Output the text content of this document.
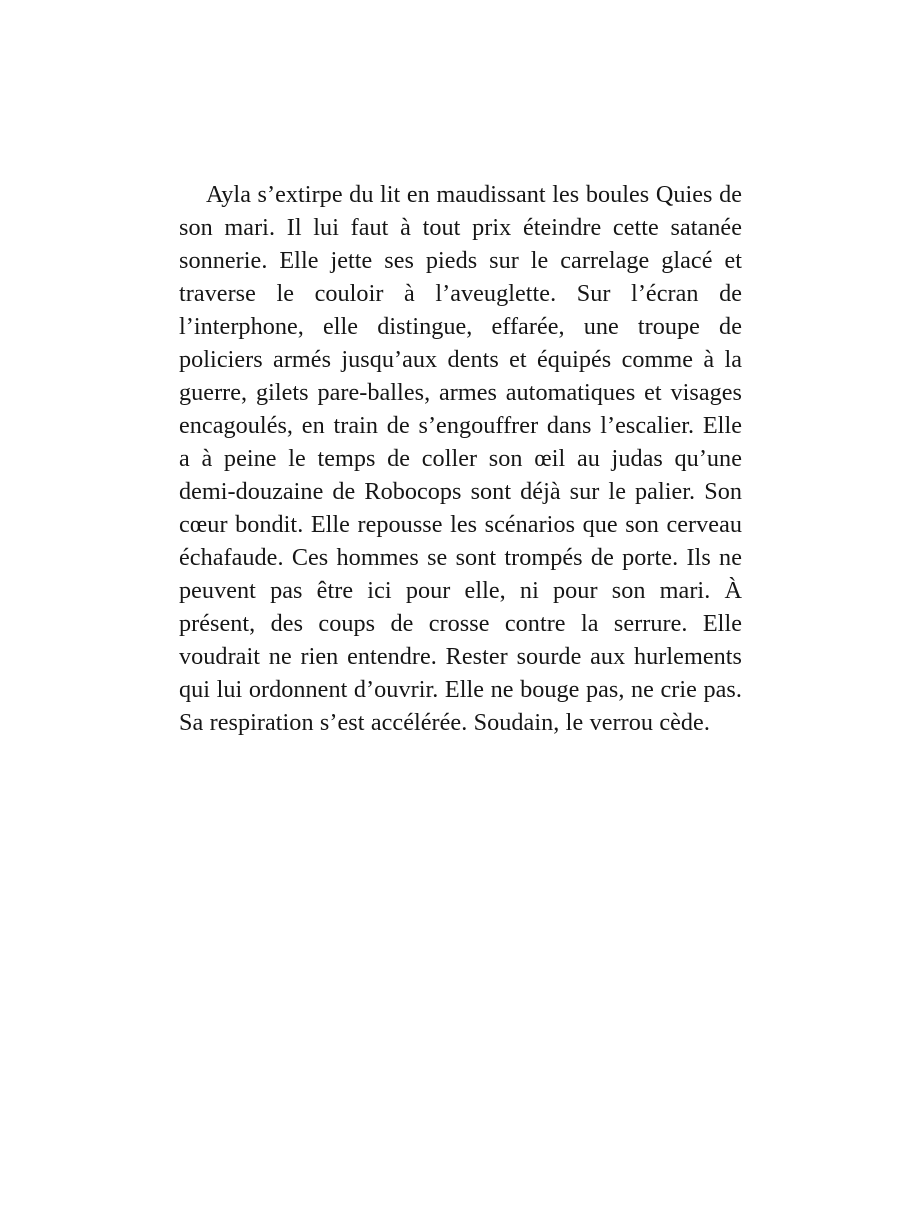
Ayla s’extirpe du lit en maudissant les boules Quies de son mari. Il lui faut à tout prix éteindre cette satanée sonnerie. Elle jette ses pieds sur le carrelage glacé et traverse le couloir à l’aveuglette. Sur l’écran de l’interphone, elle distingue, effarée, une troupe de policiers armés jusqu’aux dents et équipés comme à la guerre, gilets pare-balles, armes automatiques et visages encagoulés, en train de s’engouffrer dans l’escalier. Elle a à peine le temps de coller son œil au judas qu’une demi-douzaine de Robocops sont déjà sur le palier. Son cœur bondit. Elle repousse les scénarios que son cerveau échafaude. Ces hommes se sont trompés de porte. Ils ne peuvent pas être ici pour elle, ni pour son mari. À présent, des coups de crosse contre la serrure. Elle voudrait ne rien entendre. Rester sourde aux hurlements qui lui ordonnent d’ouvrir. Elle ne bouge pas, ne crie pas. Sa respiration s’est accélérée. Soudain, le verrou cède.
